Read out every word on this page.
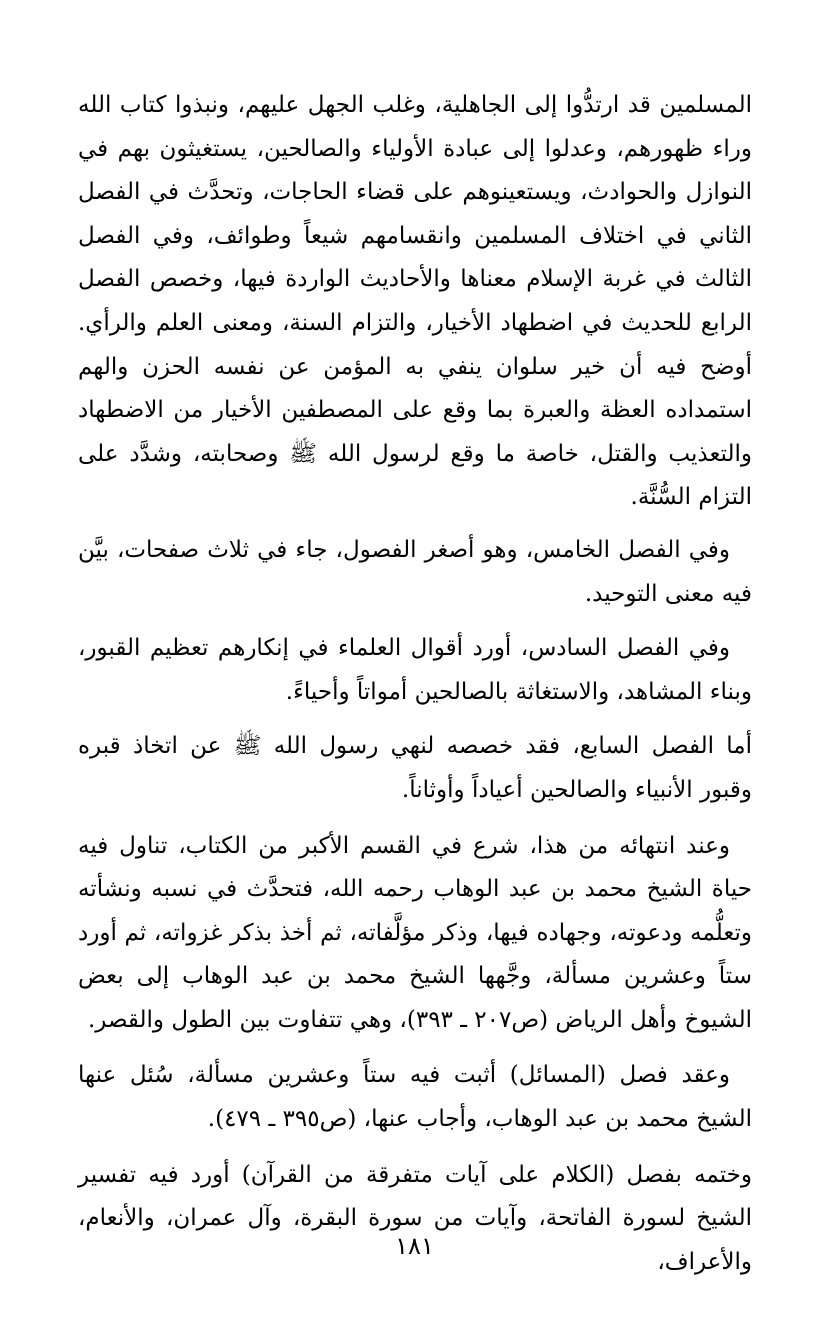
المسلمين قد ارتدُّوا إلى الجاهلية، وغلب الجهل عليهم، ونبذوا كتاب الله وراء ظهورهم، وعدلوا إلى عبادة الأولياء والصالحين، يستغيثون بهم في النوازل والحوادث، ويستعينوهم على قضاء الحاجات، وتحدَّث في الفصل الثاني في اختلاف المسلمين وانقسامهم شيعاً وطوائف، وفي الفصل الثالث في غربة الإسلام معناها والأحاديث الواردة فيها، وخصص الفصل الرابع للحديث في اضطهاد الأخيار، والتزام السنة، ومعنى العلم والرأي. أوضح فيه أن خير سلوان ينفي به المؤمن عن نفسه الحزن والهم استمداده العظة والعبرة بما وقع على المصطفين الأخيار من الاضطهاد والتعذيب والقتل، خاصة ما وقع لرسول الله ﷺ وصحابته، وشدَّد على التزام السُّنَّة.

وفي الفصل الخامس، وهو أصغر الفصول، جاء في ثلاث صفحات، بيَّن فيه معنى التوحيد.

وفي الفصل السادس، أورد أقوال العلماء في إنكارهم تعظيم القبور، وبناء المشاهد، والاستغاثة بالصالحين أمواتاً وأحياءً.

أما الفصل السابع، فقد خصصه لنهي رسول الله ﷺ عن اتخاذ قبره وقبور الأنبياء والصالحين أعياداً وأوثاناً.

وعند انتهائه من هذا، شرع في القسم الأكبر من الكتاب، تناول فيه حياة الشيخ محمد بن عبد الوهاب رحمه الله، فتحدَّث في نسبه ونشأته وتعلُّمه ودعوته، وجهاده فيها، وذكر مؤلَّفاته، ثم أخذ بذكر غزواته، ثم أورد ستاً وعشرين مسألة، وجَّهها الشيخ محمد بن عبد الوهاب إلى بعض الشيوخ وأهل الرياض (ص٢٠٧ ـ ٣٩٣)، وهي تتفاوت بين الطول والقصر.

وعقد فصل (المسائل) أثبت فيه ستاً وعشرين مسألة، سُئل عنها الشيخ محمد بن عبد الوهاب، وأجاب عنها، (ص٣٩٥ ـ ٤٧٩).

وختمه بفصل (الكلام على آيات متفرقة من القرآن) أورد فيه تفسير الشيخ لسورة الفاتحة، وآيات من سورة البقرة، وآل عمران، والأنعام، والأعراف،

١٨١
